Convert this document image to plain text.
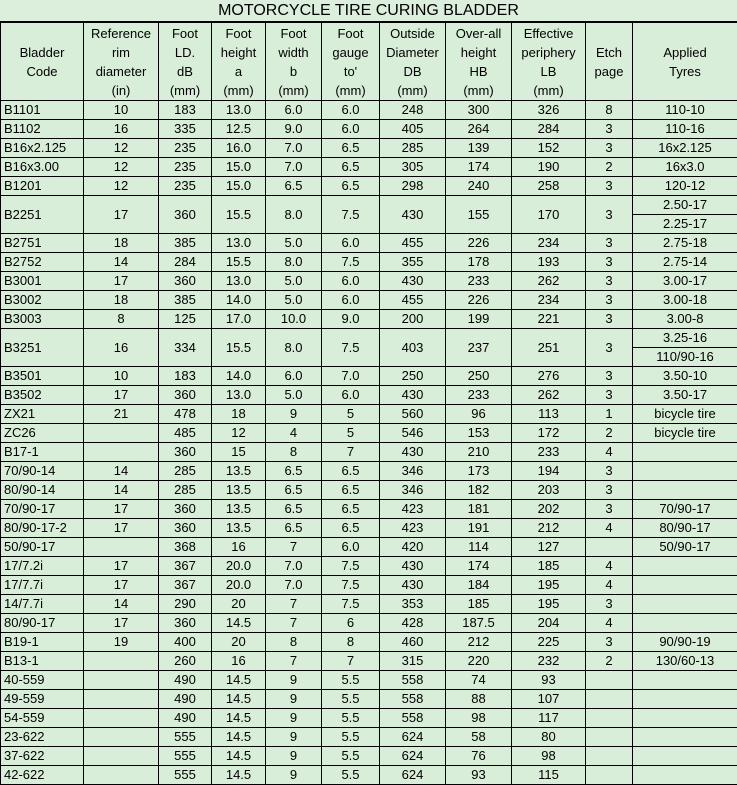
MOTORCYCLE TIRE CURING BLADDER
Bladder
Code	Reference
rim
diameter
(in)	Foot
LD.
dB
(mm)	Foot
height
a
(mm)	Foot
width
b
(mm)	Foot
gauge
to'
(mm)	Outside
Diameter
DB
(mm)	Over-all
height
HB
(mm)	Effective
periphery
LB
(mm)	Etch
page	Applied
Tyres

B1101	10	183	13.0	6.0	6.0	248	300	326	8	110-10
B1102	16	335	12.5	9.0	6.0	405	264	284	3	110-16
B16x2.125	12	235	16.0	7.0	6.5	285	139	152	3	16x2.125
B16x3.00	12	235	15.0	7.0	6.5	305	174	190	2	16x3.0
B1201	12	235	15.0	6.5	6.5	298	240	258	3	120-12
B2251	17	360	15.5	8.0	7.5	430	155	170	3	2.50-17
2.25-17

B2751	18	385	13.0	5.0	6.0	455	226	234	3	2.75-18
B2752	14	284	15.5	8.0	7.5	355	178	193	3	2.75-14
B3001	17	360	13.0	5.0	6.0	430	233	262	3	3.00-17
B3002	18	385	14.0	5.0	6.0	455	226	234	3	3.00-18
B3003	8	125	17.0	10.0	9.0	200	199	221	3	3.00-8
B3251	16	334	15.5	8.0	7.5	403	237	251	3	3.25-16
110/90-16

B3501	10	183	14.0	6.0	7.0	250	250	276	3	3.50-10
B3502	17	360	13.0	5.0	6.0	430	233	262	3	3.50-17
ZX21	21	478	18	9	5	560	96	113	1	bicycle tire
ZC26		485	12	4	5	546	153	172	2	bicycle tire
B17-1		360	15	8	7	430	210	233	4	
70/90-14	14	285	13.5	6.5	6.5	346	173	194	3	
80/90-14	14	285	13.5	6.5	6.5	346	182	203	3	
70/90-17	17	360	13.5	6.5	6.5	423	181	202	3	70/90-17
80/90-17-2	17	360	13.5	6.5	6.5	423	191	212	4	80/90-17
50/90-17		368	16	7	6.0	420	114	127		50/90-17
17/7.2i	17	367	20.0	7.0	7.5	430	174	185	4	
17/7.7i	17	367	20.0	7.0	7.5	430	184	195	4	
14/7.7i	14	290	20	7	7.5	353	185	195	3	
80/90-17	17	360	14.5	7	6	428	187.5	204	4	
B19-1	19	400	20	8	8	460	212	225	3	90/90-19
B13-1		260	16	7	7	315	220	232	2	130/60-13
40-559		490	14.5	9	5.5	558	74	93		
49-559		490	14.5	9	5.5	558	88	107		
54-559		490	14.5	9	5.5	558	98	117		
23-622		555	14.5	9	5.5	624	58	80		
37-622		555	14.5	9	5.5	624	76	98		
42-622		555	14.5	9	5.5	624	93	115		
